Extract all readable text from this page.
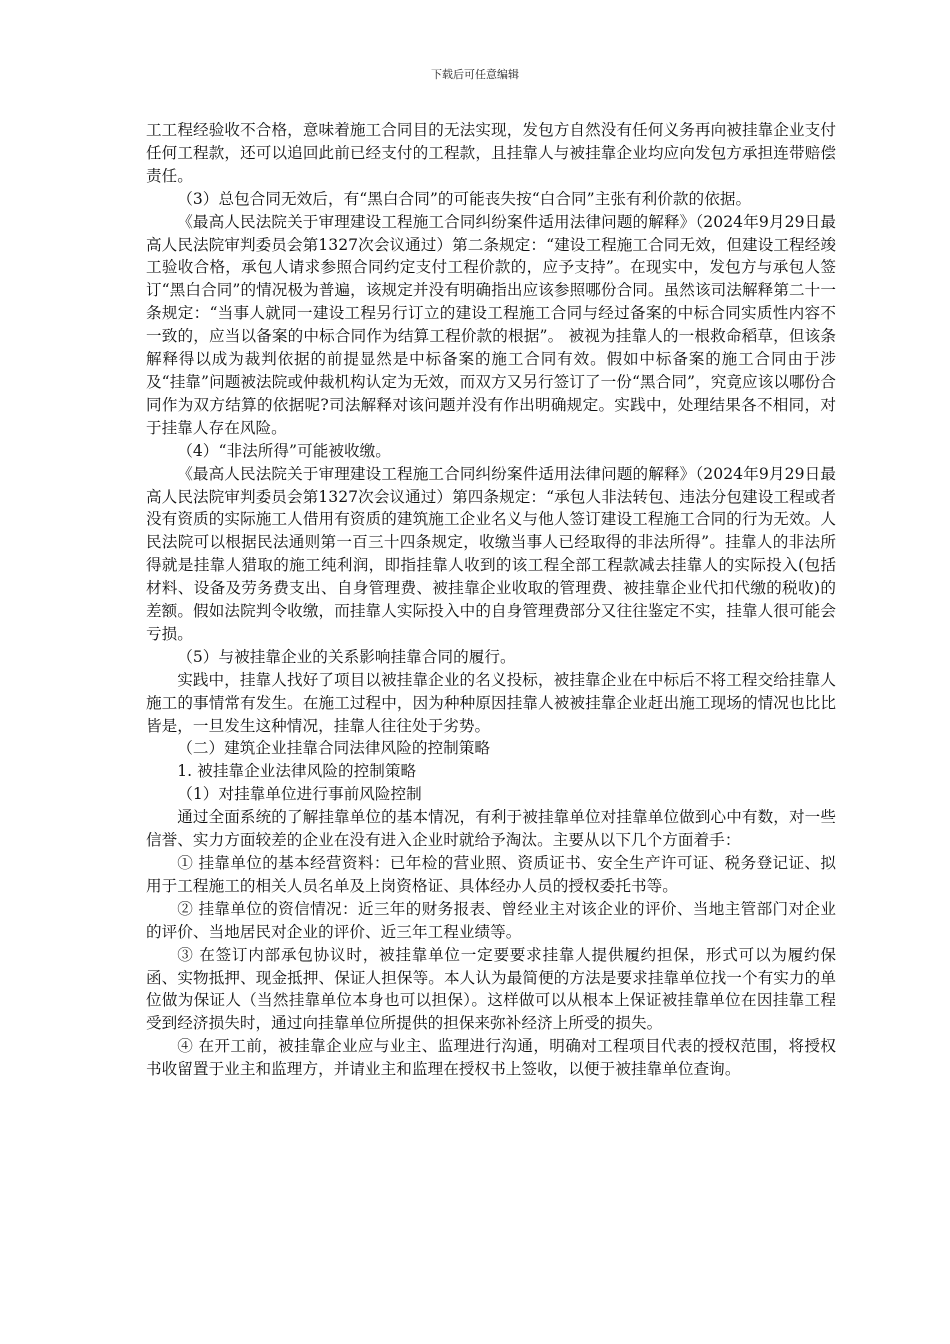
下载后可任意编辑

工工程经验收不合格，意味着施工合同目的无法实现，发包方自然没有任何义务再向被挂靠企业支付任何工程款，还可以追回此前已经支付的工程款，且挂靠人与被挂靠企业均应向发包方承担连带赔偿责任。

（3）总包合同无效后，有“黑白合同”的可能丧失按“白合同”主张有利价款的依据。

《最高人民法院关于审理建设工程施工合同纠纷案件适用法律问题的解释》（2024年9月29日最高人民法院审判委员会第1327次会议通过）第二条规定：“建设工程施工合同无效，但建设工程经竣工验收合格，承包人请求参照合同约定支付工程价款的，应予支持”。在现实中，发包方与承包人签订“黑白合同”的情况极为普遍，该规定并没有明确指出应该参照哪份合同。虽然该司法解释第二十一条规定：“当事人就同一建设工程另行订立的建设工程施工合同与经过备案的中标合同实质性内容不一致的，应当以备案的中标合同作为结算工程价款的根据”。 被视为挂靠人的一根救命稻草，但该条解释得以成为裁判依据的前提显然是中标备案的施工合同有效。假如中标备案的施工合同由于涉及“挂靠”问题被法院或仲裁机构认定为无效，而双方又另行签订了一份“黑合同”，究竟应该以哪份合同作为双方结算的依据呢?司法解释对该问题并没有作出明确规定。实践中，处理结果各不相同，对于挂靠人存在风险。

（4）“非法所得”可能被收缴。

《最高人民法院关于审理建设工程施工合同纠纷案件适用法律问题的解释》（2024年9月29日最高人民法院审判委员会第1327次会议通过）第四条规定：“承包人非法转包、违法分包建设工程或者没有资质的实际施工人借用有资质的建筑施工企业名义与他人签订建设工程施工合同的行为无效。人民法院可以根据民法通则第一百三十四条规定，收缴当事人已经取得的非法所得”。挂靠人的非法所得就是挂靠人猎取的施工纯利润，即指挂靠人收到的该工程全部工程款减去挂靠人的实际投入(包括材料、设备及劳务费支出、自身管理费、被挂靠企业收取的管理费、被挂靠企业代扣代缴的税收)的差额。假如法院判令收缴，而挂靠人实际投入中的自身管理费部分又往往鉴定不实，挂靠人很可能会亏损。

（5）与被挂靠企业的关系影响挂靠合同的履行。

实践中，挂靠人找好了项目以被挂靠企业的名义投标，被挂靠企业在中标后不将工程交给挂靠人施工的事情常有发生。在施工过程中，因为种种原因挂靠人被被挂靠企业赶出施工现场的情况也比比皆是，一旦发生这种情况，挂靠人往往处于劣势。

（二）建筑企业挂靠合同法律风险的控制策略

1. 被挂靠企业法律风险的控制策略

（1）对挂靠单位进行事前风险控制

通过全面系统的了解挂靠单位的基本情况，有利于被挂靠单位对挂靠单位做到心中有数，对一些信誉、实力方面较差的企业在没有进入企业时就给予淘汰。主要从以下几个方面着手：

① 挂靠单位的基本经营资料：已年检的营业照、资质证书、安全生产许可证、税务登记证、拟用于工程施工的相关人员名单及上岗资格证、具体经办人员的授权委托书等。

② 挂靠单位的资信情况：近三年的财务报表、曾经业主对该企业的评价、当地主管部门对企业的评价、当地居民对企业的评价、近三年工程业绩等。

③ 在签订内部承包协议时，被挂靠单位一定要要求挂靠人提供履约担保，形式可以为履约保函、实物抵押、现金抵押、保证人担保等。本人认为最简便的方法是要求挂靠单位找一个有实力的单位做为保证人（当然挂靠单位本身也可以担保）。这样做可以从根本上保证被挂靠单位在因挂靠工程受到经济损失时，通过向挂靠单位所提供的担保来弥补经济上所受的损失。

④ 在开工前，被挂靠企业应与业主、监理进行沟通，明确对工程项目代表的授权范围，将授权书收留置于业主和监理方，并请业主和监理在授权书上签收，以便于被挂靠单位查询。
